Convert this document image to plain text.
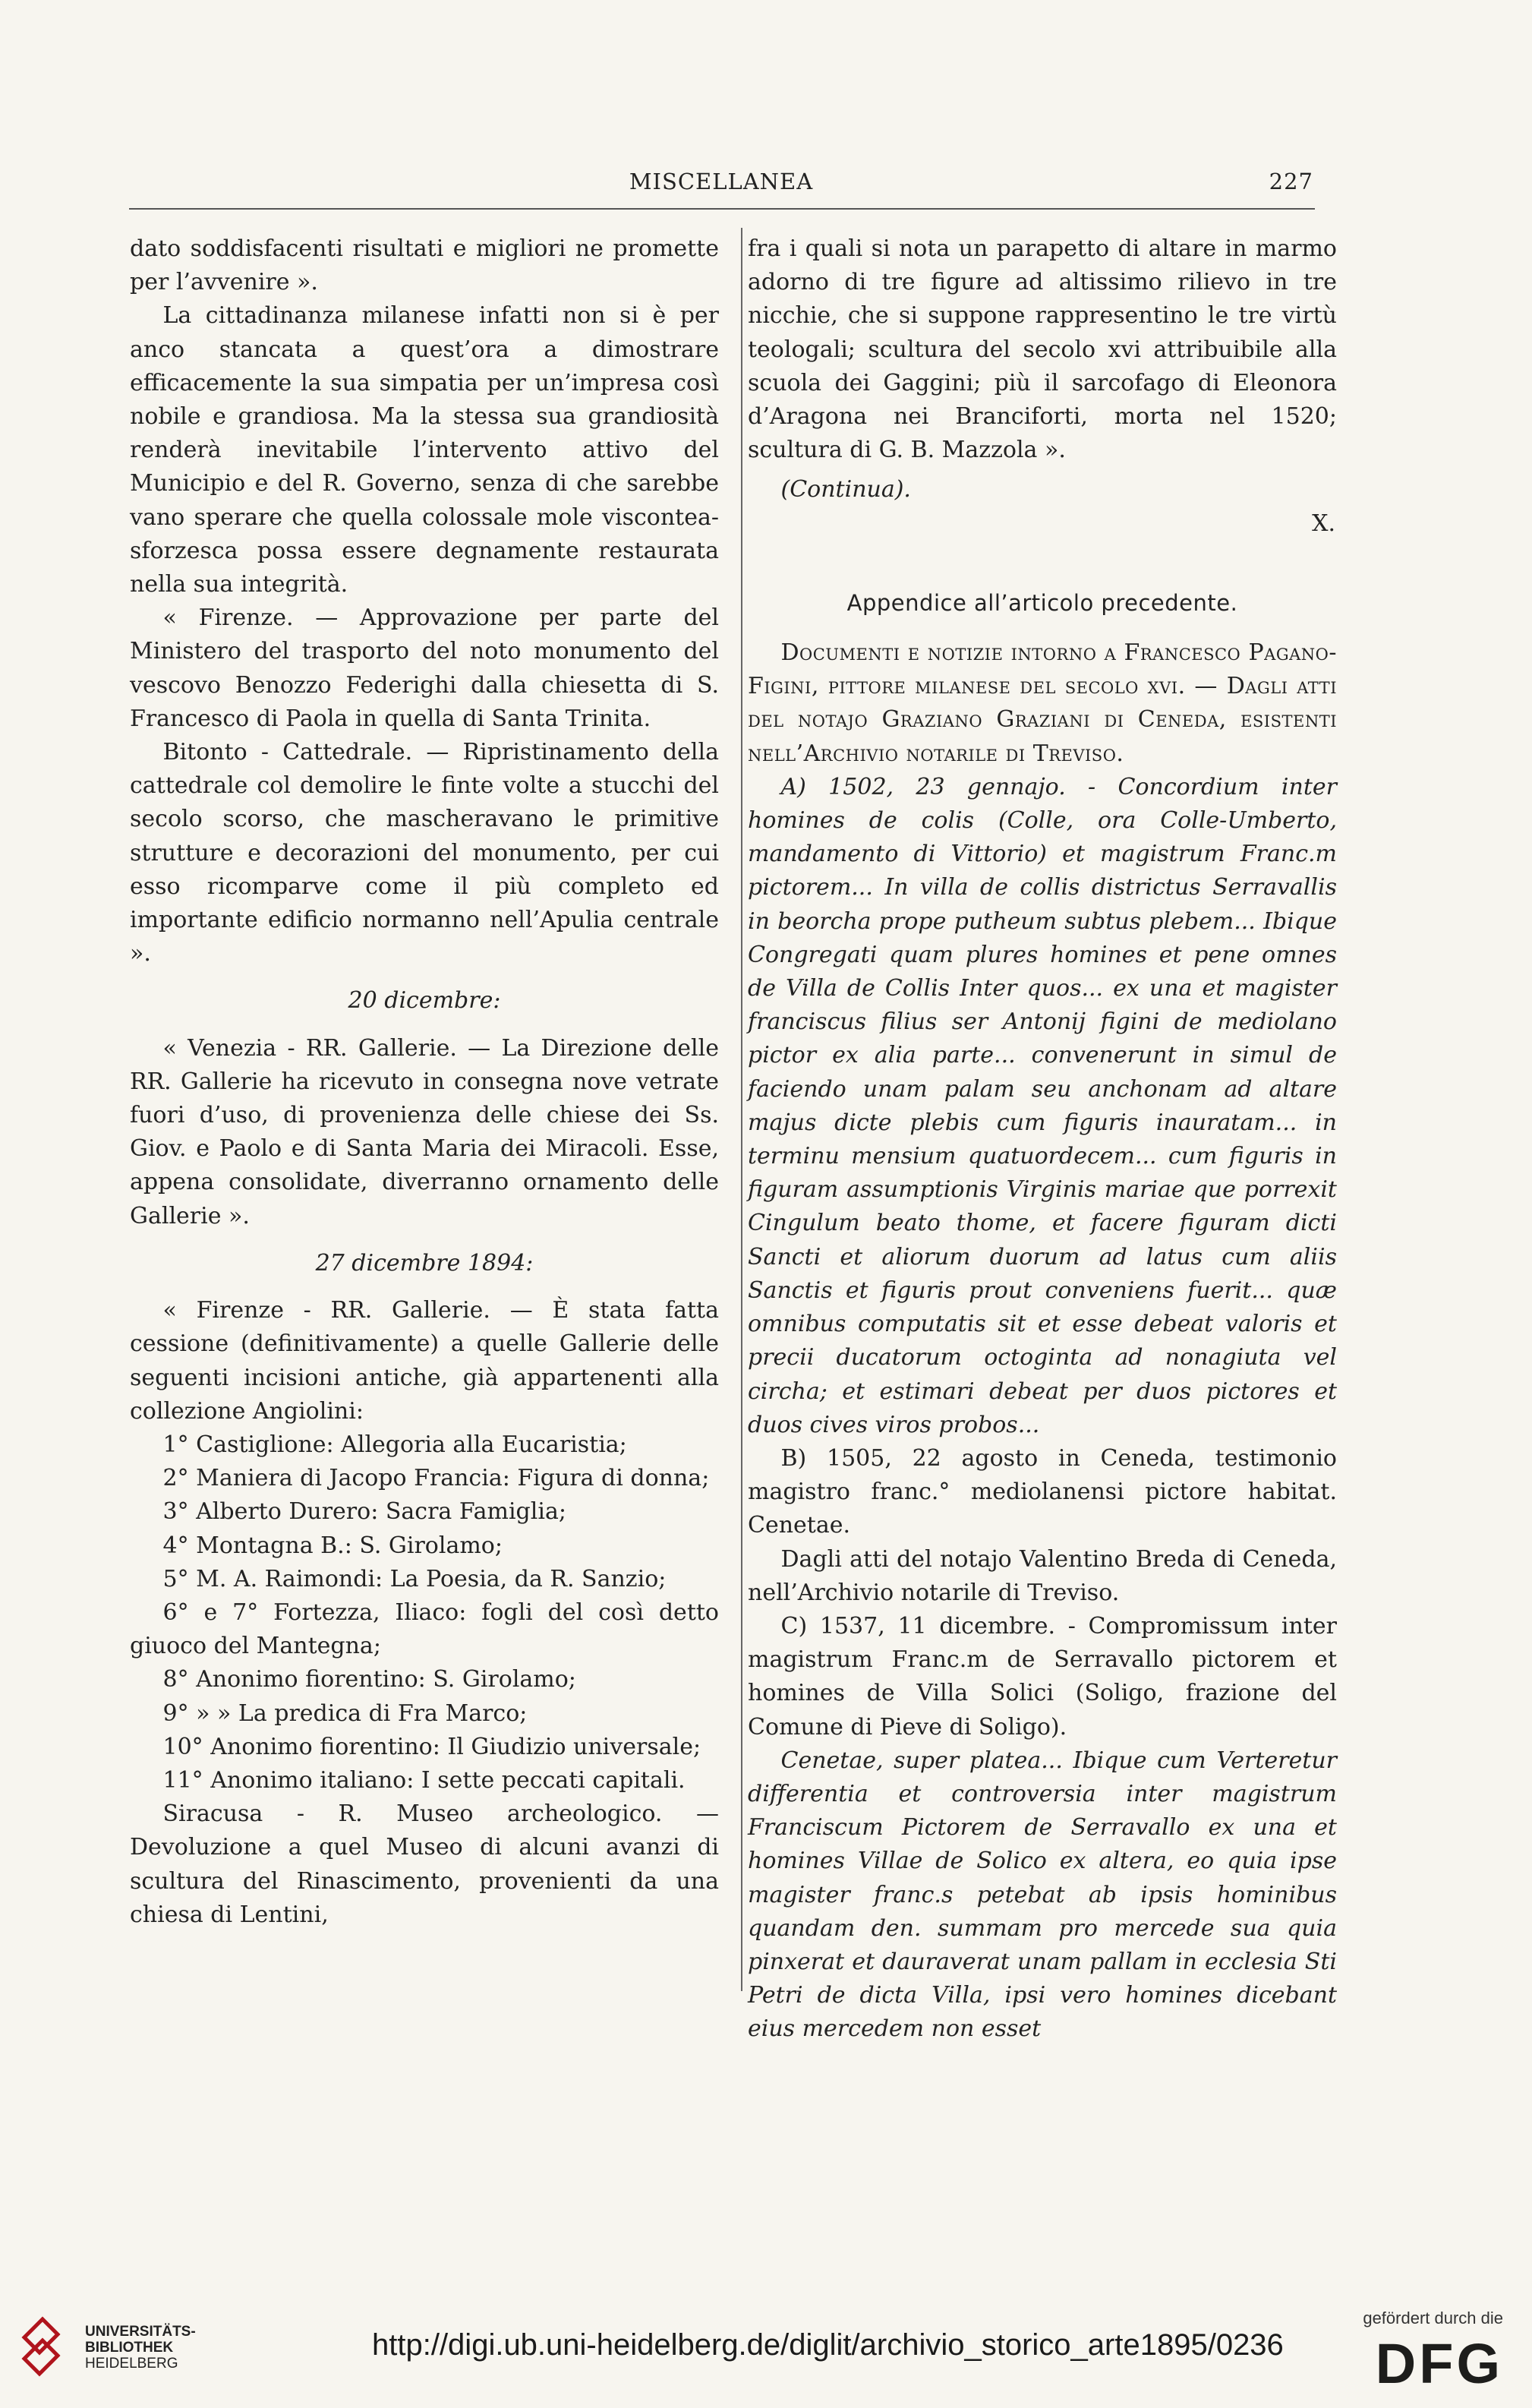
MISCELLANEA	227

dato soddisfacenti risultati e migliori ne promette per l’avvenire ».

La cittadinanza milanese infatti non si è per anco stancata a quest’ora a dimostrare efficacemente la sua simpatia per un’impresa così nobile e grandiosa. Ma la stessa sua grandiosità renderà inevitabile l’intervento attivo del Municipio e del R. Governo, senza di che sarebbe vano sperare che quella colossale mole viscontea-sforzesca possa essere degnamente restaurata nella sua integrità.

« Firenze. — Approvazione per parte del Ministero del trasporto del noto monumento del vescovo Benozzo Federighi dalla chiesetta di S. Francesco di Paola in quella di Santa Trinita.

Bitonto - Cattedrale. — Ripristinamento della cattedrale col demolire le finte volte a stucchi del secolo scorso, che mascheravano le primitive strutture e decorazioni del monumento, per cui esso ricomparve come il più completo ed importante edificio normanno nell’Apulia centrale ».

20 dicembre:

« Venezia - RR. Gallerie. — La Direzione delle RR. Gallerie ha ricevuto in consegna nove vetrate fuori d’uso, di provenienza delle chiese dei Ss. Giov. e Paolo e di Santa Maria dei Miracoli. Esse, appena consolidate, diverranno ornamento delle Gallerie ».

27 dicembre 1894:

« Firenze - RR. Gallerie. — È stata fatta cessione (definitivamente) a quelle Gallerie delle seguenti incisioni antiche, già appartenenti alla collezione Angiolini:

1° Castiglione: Allegoria alla Eucaristia;

2° Maniera di Jacopo Francia: Figura di donna;

3° Alberto Durero: Sacra Famiglia;

4° Montagna B.: S. Girolamo;

5° M. A. Raimondi: La Poesia, da R. Sanzio;

6° e 7° Fortezza, Iliaco: fogli del così detto giuoco del Mantegna;

8° Anonimo fiorentino: S. Girolamo;

9° » » La predica di Fra Marco;

10° Anonimo fiorentino: Il Giudizio universale;

11° Anonimo italiano: I sette peccati capitali.

Siracusa - R. Museo archeologico. — Devoluzione a quel Museo di alcuni avanzi di scultura del Rinascimento, provenienti da una chiesa di Lentini,

fra i quali si nota un parapetto di altare in marmo adorno di tre figure ad altissimo rilievo in tre nicchie, che si suppone rappresentino le tre virtù teologali; scultura del secolo xvi attribuibile alla scuola dei Gaggini; più il sarcofago di Eleonora d’Aragona nei Branciforti, morta nel 1520; scultura di G. B. Mazzola ».

(Continua).

X.

Appendice all’articolo precedente.

Documenti e notizie intorno a Francesco Pagano-Figini, pittore milanese del secolo xvi. — Dagli atti del notajo Graziano Graziani di Ceneda, esistenti nell’Archivio notarile di Treviso.

A) 1502, 23 gennajo. - Concordium inter homines de colis (Colle, ora Colle-Umberto, mandamento di Vittorio) et magistrum Franc.m pictorem... In villa de collis districtus Serravallis in beorcha prope putheum subtus plebem... Ibique Congregati quam plures homines et pene omnes de Villa de Collis Inter quos... ex una et magister franciscus filius ser Antonij figini de mediolano pictor ex alia parte... convenerunt in simul de faciendo unam palam seu anchonam ad altare majus dicte plebis cum figuris inauratam... in terminu mensium quatuordecem... cum figuris in figuram assumptionis Virginis mariae que porrexit Cingulum beato thome, et facere figuram dicti Sancti et aliorum duorum ad latus cum aliis Sanctis et figuris prout conveniens fuerit... quæ omnibus computatis sit et esse debeat valoris et precii ducatorum octoginta ad nonagiuta vel circha; et estimari debeat per duos pictores et duos cives viros probos...

B) 1505, 22 agosto in Ceneda, testimonio magistro franc.° mediolanensi pictore habitat. Cenetae.

Dagli atti del notajo Valentino Breda di Ceneda, nell’Archivio notarile di Treviso.

C) 1537, 11 dicembre. - Compromissum inter magistrum Franc.m de Serravallo pictorem et homines de Villa Solici (Soligo, frazione del Comune di Pieve di Soligo).

Cenetae, super platea... Ibique cum Verteretur differentia et controversia inter magistrum Franciscum Pictorem de Serravallo ex una et homines Villae de Solico ex altera, eo quia ipse magister franc.s petebat ab ipsis hominibus quandam den. summam pro mercede sua quia pinxerat et dauraverat unam pallam in ecclesia Sti Petri de dicta Villa, ipsi vero homines dicebant eius mercedem non esset

UNIVERSITÄTS-
BIBLIOTHEK
HEIDELBERG
http://digi.ub.uni-heidelberg.de/diglit/archivio_storico_arte1895/0236
gefördert durch die
DFG
